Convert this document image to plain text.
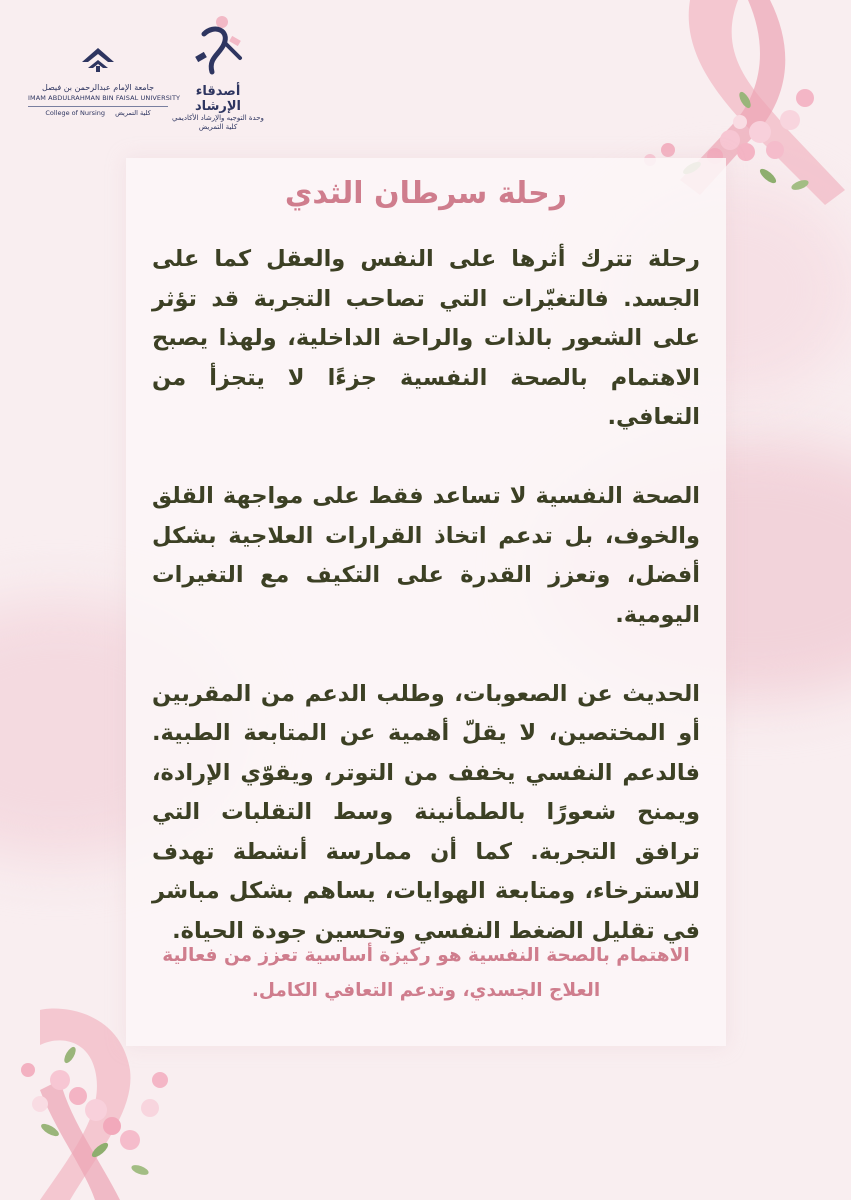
جامعة الإمام عبدالرحمن بن فيصل
IMAM ABDULRAHMAN BIN FAISAL UNIVERSITY
College of Nursing كلية التمريض
أصدقاء الإرشاد
وحدة التوجيه والإرشاد الأكاديمي
كلية التمريض
رحلة سرطان الثدي

رحلة تترك أثرها على النفس والعقل كما على الجسد. فالتغيّرات التي تصاحب التجربة قد تؤثر على الشعور بالذات والراحة الداخلية، ولهذا يصبح الاهتمام بالصحة النفسية جزءًا لا يتجزأ من التعافي.

الصحة النفسية لا تساعد فقط على مواجهة القلق والخوف، بل تدعم اتخاذ القرارات العلاجية بشكل أفضل، وتعزز القدرة على التكيف مع التغيرات اليومية.

الحديث عن الصعوبات، وطلب الدعم من المقربين أو المختصين، لا يقلّ أهمية عن المتابعة الطبية. فالدعم النفسي يخفف من التوتر، ويقوّي الإرادة، ويمنح شعورًا بالطمأنينة وسط التقلبات التي ترافق التجربة. كما أن ممارسة أنشطة تهدف للاسترخاء، ومتابعة الهوايات، يساهم بشكل مباشر في تقليل الضغط النفسي وتحسين جودة الحياة.

الاهتمام بالصحة النفسية هو ركيزة أساسية تعزز من فعالية العلاج الجسدي، وتدعم التعافي الكامل.
